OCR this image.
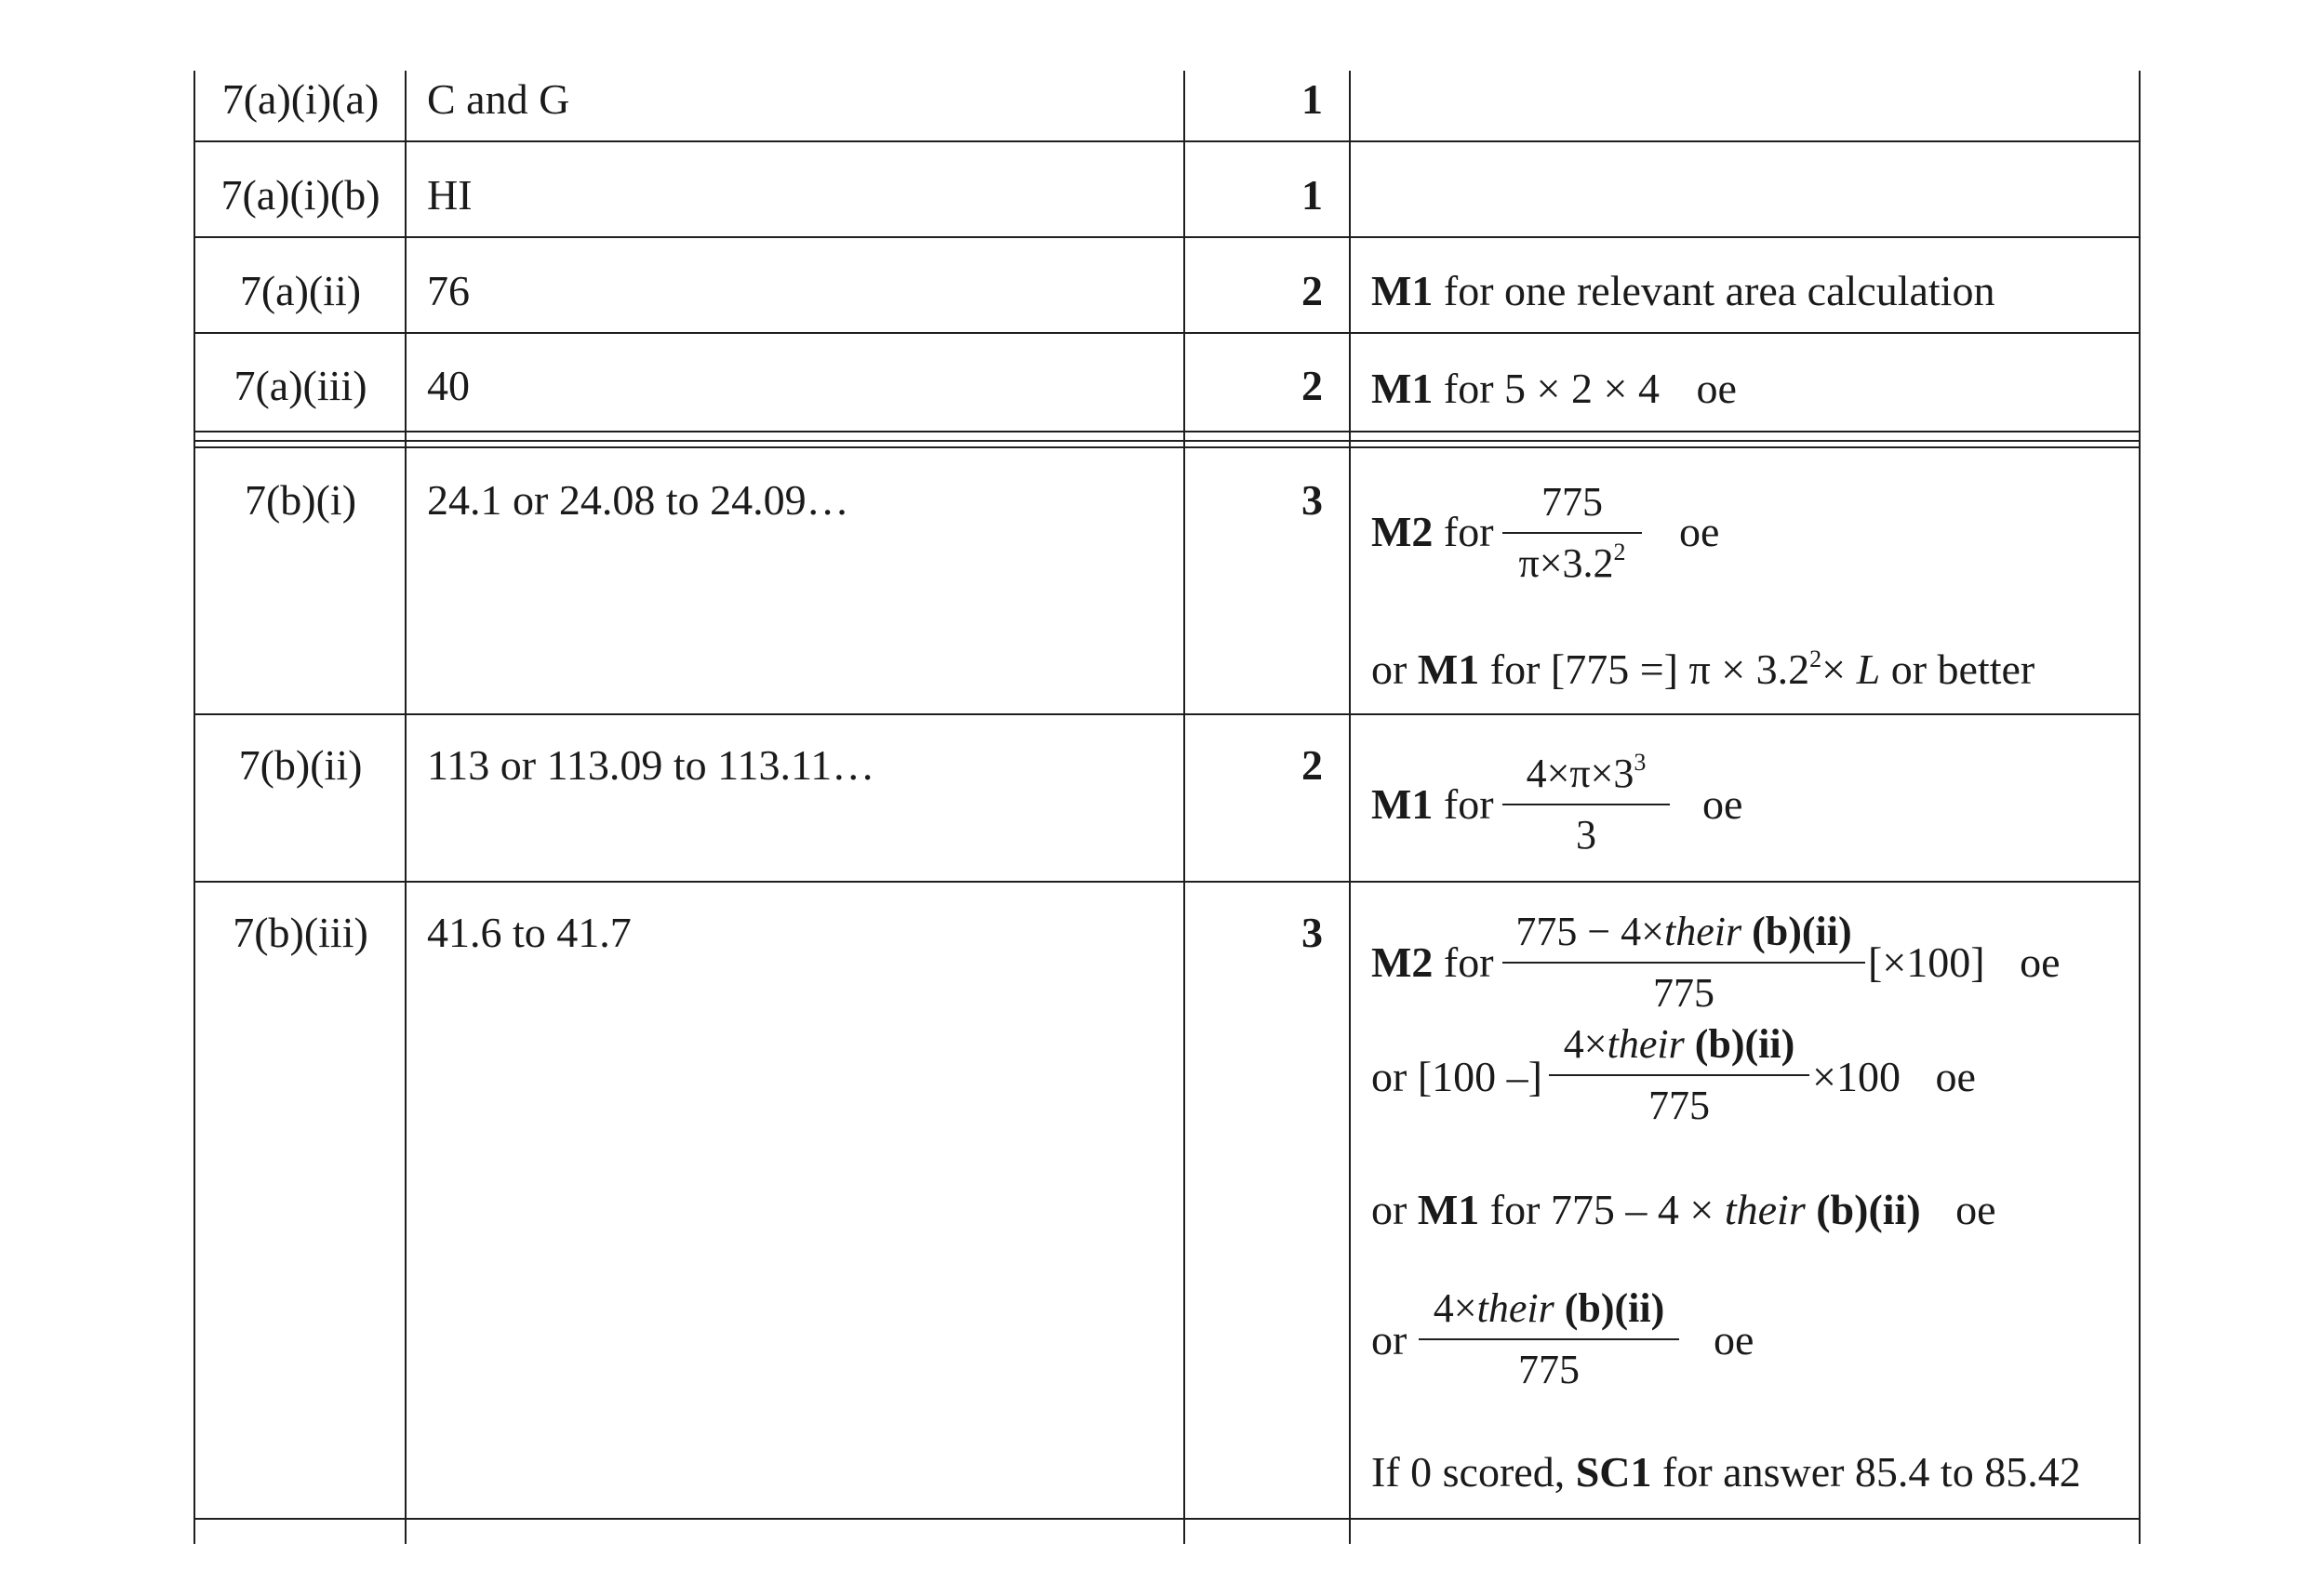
7(a)(i)(a)	C and G	1
7(a)(i)(b)	HI	1
7(a)(ii)	76	2 M1 for one relevant area calculation
7(a)(iii)	40	2 M1 for 5 × 2 × 4 oe
7(b)(i)	24.1 or 24.08 to 24.09…	3
M2 for
775
$\pi\times 3.2^2$	oe
or M1 for [775 =] $\pi \times 3.2^2\times L$ or better
7(b)(ii)	113 or 113.09 to 113.11…	2
M1 for
$4\times\pi\times 3^3$
3
oe
7(b)(iii)	41.6 to 41.7	3
M2 for
775 − 4×their (b)(ii)
775
[×100] oe
or [100 –]
4×their (b)(ii)
775
×100 oe
or M1 for 775 – 4 × their (b)(ii) oe
or
4×their (b)(ii)
775
oe
If 0 scored, SC1 for answer 85.4 to 85.42
